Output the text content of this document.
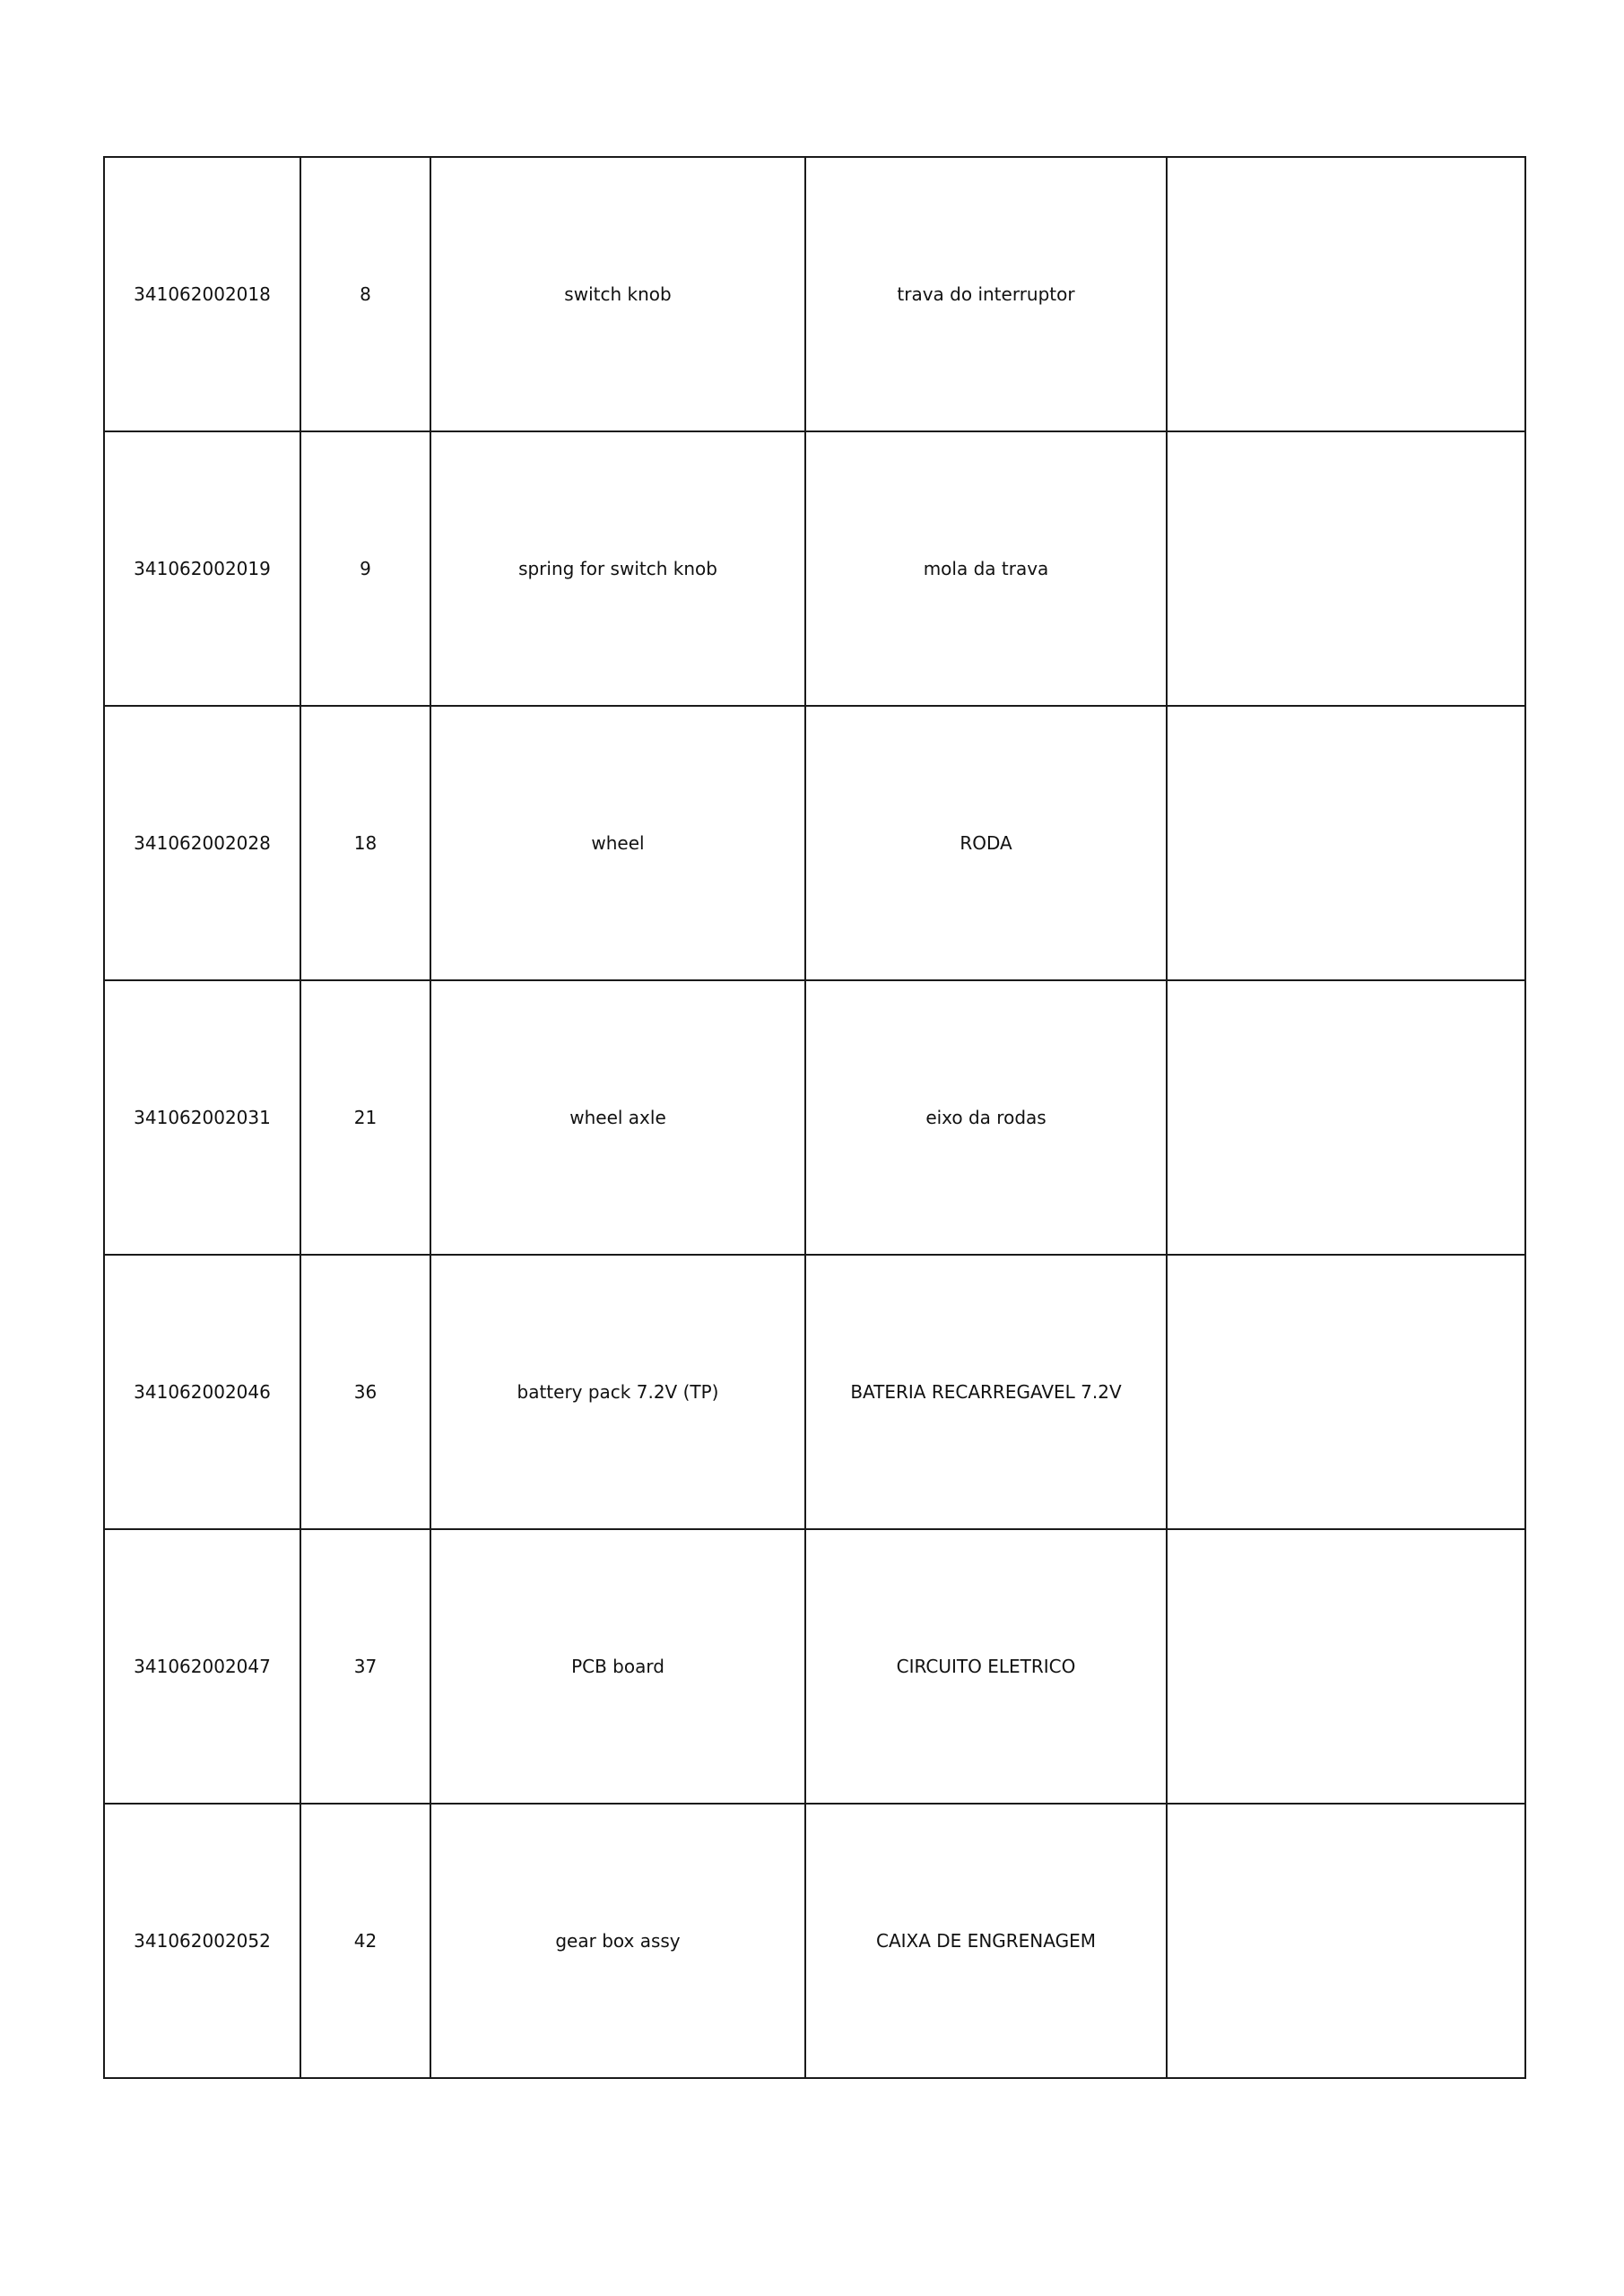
341062002018	8	switch knob	trava do interruptor	
341062002019	9	spring for switch knob	mola da trava	
341062002028	18	wheel	RODA	
341062002031	21	wheel axle	eixo da rodas	
341062002046	36	battery pack 7.2V (TP)	BATERIA RECARREGAVEL 7.2V	
341062002047	37	PCB board	CIRCUITO ELETRICO	
341062002052	42	gear box assy	CAIXA DE ENGRENAGEM	
